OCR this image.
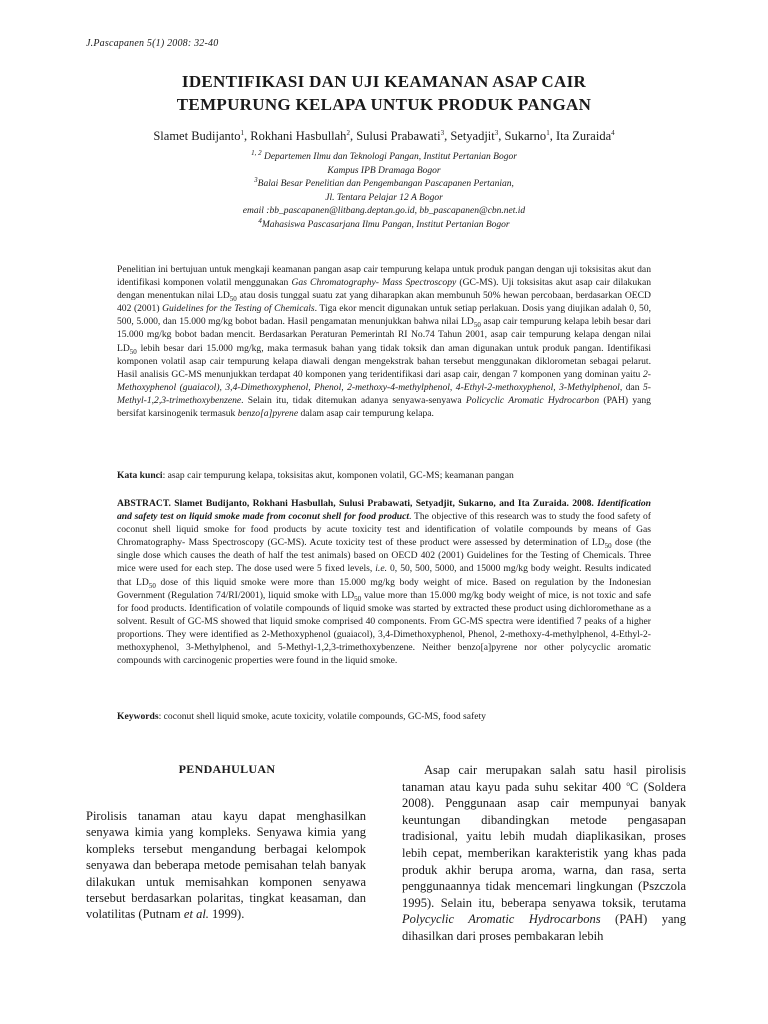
J.Pascapanen 5(1) 2008: 32-40
IDENTIFIKASI DAN UJI KEAMANAN ASAP CAIR
TEMPURUNG KELAPA UNTUK PRODUK PANGAN
Slamet Budijanto$^1$, Rokhani Hasbullah$^2$, Sulusi Prabawati$^3$, Setyadjit$^3$, Sukarno$^1$, Ita Zuraida$^4$
$^{1, 2}$ Departemen Ilmu dan Teknologi Pangan, Institut Pertanian Bogor
Kampus IPB Dramaga Bogor
$^3$Balai Besar Penelitian dan Pengembangan Pascapanen Pertanian,
Jl. Tentara Pelajar 12 A Bogor
email :bb_pascapanen@litbang.deptan.go.id, bb_pascapanen@cbn.net.id
$^4$Mahasiswa Pascasarjana Ilmu Pangan, Institut Pertanian Bogor
Penelitian ini bertujuan untuk mengkaji keamanan pangan asap cair tempurung kelapa untuk produk pangan dengan uji toksisitas akut dan identifikasi komponen volatil menggunakan Gas Chromatography- Mass Spectroscopy (GC-MS). Uji toksisitas akut asap cair dilakukan dengan menentukan nilai $LD_{50}$ atau dosis tunggal suatu zat yang diharapkan akan membunuh 50% hewan percobaan, berdasarkan OECD 402 (2001) Guidelines for the Testing of Chemicals. Tiga ekor mencit digunakan untuk setiap perlakuan. Dosis yang diujikan adalah 0, 50, 500, 5.000, dan 15.000 mg/kg bobot badan. Hasil pengamatan menunjukkan bahwa nilai $LD_{50}$ asap cair tempurung kelapa lebih besar dari 15.000 mg/kg bobot badan mencit. Berdasarkan Peraturan Pemerintah RI No.74 Tahun 2001, asap cair tempurung kelapa dengan nilai $LD_{50}$ lebih besar dari 15.000 mg/kg, maka termasuk bahan yang tidak toksik dan aman digunakan untuk produk pangan. Identifikasi komponen volatil asap cair tempurung kelapa diawali dengan mengekstrak bahan tersebut menggunakan diklorometan sebagai pelarut. Hasil analisis GC-MS menunjukkan terdapat 40 komponen yang teridentifikasi dari asap cair, dengan 7 komponen yang dominan yaitu 2-Methoxyphenol (guaiacol), 3,4-Dimethoxyphenol, Phenol, 2-methoxy-4-methylphenol, 4-Ethyl-2-methoxyphenol, 3-Methylphenol, dan 5-Methyl-1,2,3-trimethoxybenzene. Selain itu, tidak ditemukan adanya senyawa-senyawa Policyclic Aromatic Hydrocarbon (PAH) yang bersifat karsinogenik termasuk benzo[a]pyrene dalam asap cair tempurung kelapa.
Kata kunci: asap cair tempurung kelapa, toksisitas akut, komponen volatil, GC-MS; keamanan pangan
ABSTRACT. Slamet Budijanto, Rokhani Hasbullah, Sulusi Prabawati, Setyadjit, Sukarno, and Ita Zuraida. 2008. Identification and safety test on liquid smoke made from coconut shell for food product. The objective of this research was to study the food safety of coconut shell liquid smoke for food products by acute toxicity test and identification of volatile compounds by means of Gas Chromatography- Mass Spectroscopy (GC-MS). Acute toxicity test of these product were assessed by determination of $LD_{50}$ dose (the single dose which causes the death of half the test animals) based on OECD 402 (2001) Guidelines for the Testing of Chemicals. Three mice were used for each step. The dose used were 5 fixed levels, i.e. 0, 50, 500, 5000, and 15000 mg/kg body weight. Results indicated that $LD_{50}$ dose of this liquid smoke were more than 15.000 mg/kg body weight of mice. Based on regulation by the Indonesian Government (Regulation 74/RI/2001), liquid smoke with $LD_{50}$ value more than 15.000 mg/kg body weight of mice, is not toxic and safe for food products. Identification of volatile compounds of liquid smoke was started by extracted these product using dichloromethane as a solvent. Result of GC-MS showed that liquid smoke comprised 40 components. From GC-MS spectra were identified 7 peaks of a higher proportions. They were identified as 2-Methoxyphenol (guaiacol), 3,4-Dimethoxyphenol, Phenol, 2-methoxy-4-methylphenol, 4-Ethyl-2-methoxyphenol, 3-Methylphenol, and 5-Methyl-1,2,3-trimethoxybenzene. Neither benzo[a]pyrene nor other polycyclic aromatic compounds with carcinogenic properties were found in the liquid smoke.
Keywords: coconut shell liquid smoke, acute toxicity, volatile compounds, GC-MS, food safety
PENDAHULUAN

Pirolisis tanaman atau kayu dapat menghasilkan senyawa kimia yang kompleks. Senyawa kimia yang kompleks tersebut mengandung berbagai kelompok senyawa dan beberapa metode pemisahan telah banyak dilakukan untuk memisahkan komponen senyawa tersebut berdasarkan polaritas, tingkat keasaman, dan volatilitas (Putnam et al. 1999).

Asap cair merupakan salah satu hasil pirolisis tanaman atau kayu pada suhu sekitar 400 $^o$C (Soldera 2008). Penggunaan asap cair mempunyai banyak keuntungan dibandingkan metode pengasapan tradisional, yaitu lebih mudah diaplikasikan, proses lebih cepat, memberikan karakteristik yang khas pada produk akhir berupa aroma, warna, dan rasa, serta penggunaannya tidak mencemari lingkungan (Pszczola 1995). Selain itu, beberapa senyawa toksik, terutama Polycyclic Aromatic Hydrocarbons (PAH) yang dihasilkan dari proses pembakaran lebih
